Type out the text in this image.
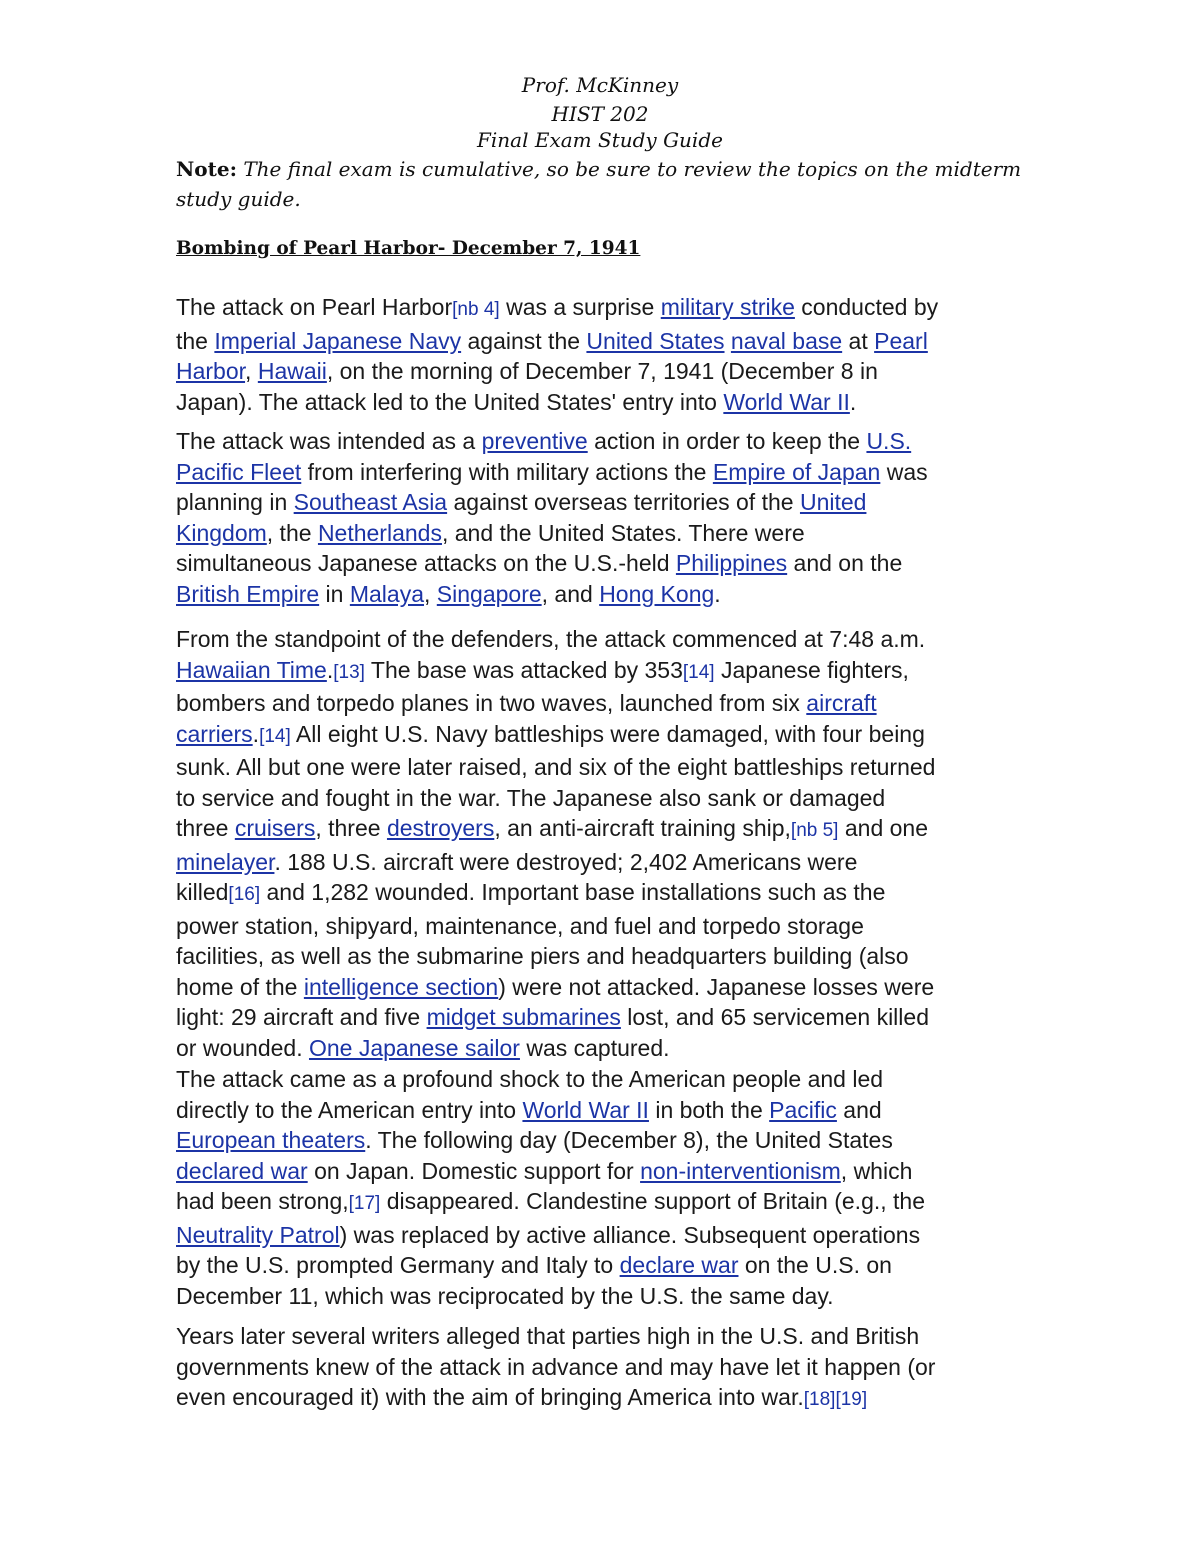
Prof. McKinney
HIST 202
Final Exam Study Guide
Note: The final exam is cumulative, so be sure to review the topics on the midterm
study guide.
Bombing of Pearl Harbor- December 7, 1941

The attack on Pearl Harbor[nb 4] was a surprise military strike conducted by
the Imperial Japanese Navy against the United States naval base at Pearl
Harbor, Hawaii, on the morning of December 7, 1941 (December 8 in
Japan). The attack led to the United States' entry into World War II.

The attack was intended as a preventive action in order to keep the U.S.
Pacific Fleet from interfering with military actions the Empire of Japan was
planning in Southeast Asia against overseas territories of the United
Kingdom, the Netherlands, and the United States. There were
simultaneous Japanese attacks on the U.S.-held Philippines and on the
British Empire in Malaya, Singapore, and Hong Kong.

From the standpoint of the defenders, the attack commenced at 7:48 a.m.
Hawaiian Time.[13] The base was attacked by 353[14] Japanese fighters,
bombers and torpedo planes in two waves, launched from six aircraft
carriers.[14] All eight U.S. Navy battleships were damaged, with four being
sunk. All but one were later raised, and six of the eight battleships returned
to service and fought in the war. The Japanese also sank or damaged
three cruisers, three destroyers, an anti-aircraft training ship,[nb 5] and one
minelayer. 188 U.S. aircraft were destroyed; 2,402 Americans were
killed[16] and 1,282 wounded. Important base installations such as the
power station, shipyard, maintenance, and fuel and torpedo storage
facilities, as well as the submarine piers and headquarters building (also
home of the intelligence section) were not attacked. Japanese losses were
light: 29 aircraft and five midget submarines lost, and 65 servicemen killed
or wounded. One Japanese sailor was captured.

The attack came as a profound shock to the American people and led
directly to the American entry into World War II in both the Pacific and
European theaters. The following day (December 8), the United States
declared war on Japan. Domestic support for non-interventionism, which
had been strong,[17] disappeared. Clandestine support of Britain (e.g., the
Neutrality Patrol) was replaced by active alliance. Subsequent operations
by the U.S. prompted Germany and Italy to declare war on the U.S. on
December 11, which was reciprocated by the U.S. the same day.

Years later several writers alleged that parties high in the U.S. and British
governments knew of the attack in advance and may have let it happen (or
even encouraged it) with the aim of bringing America into war.[18][19]
